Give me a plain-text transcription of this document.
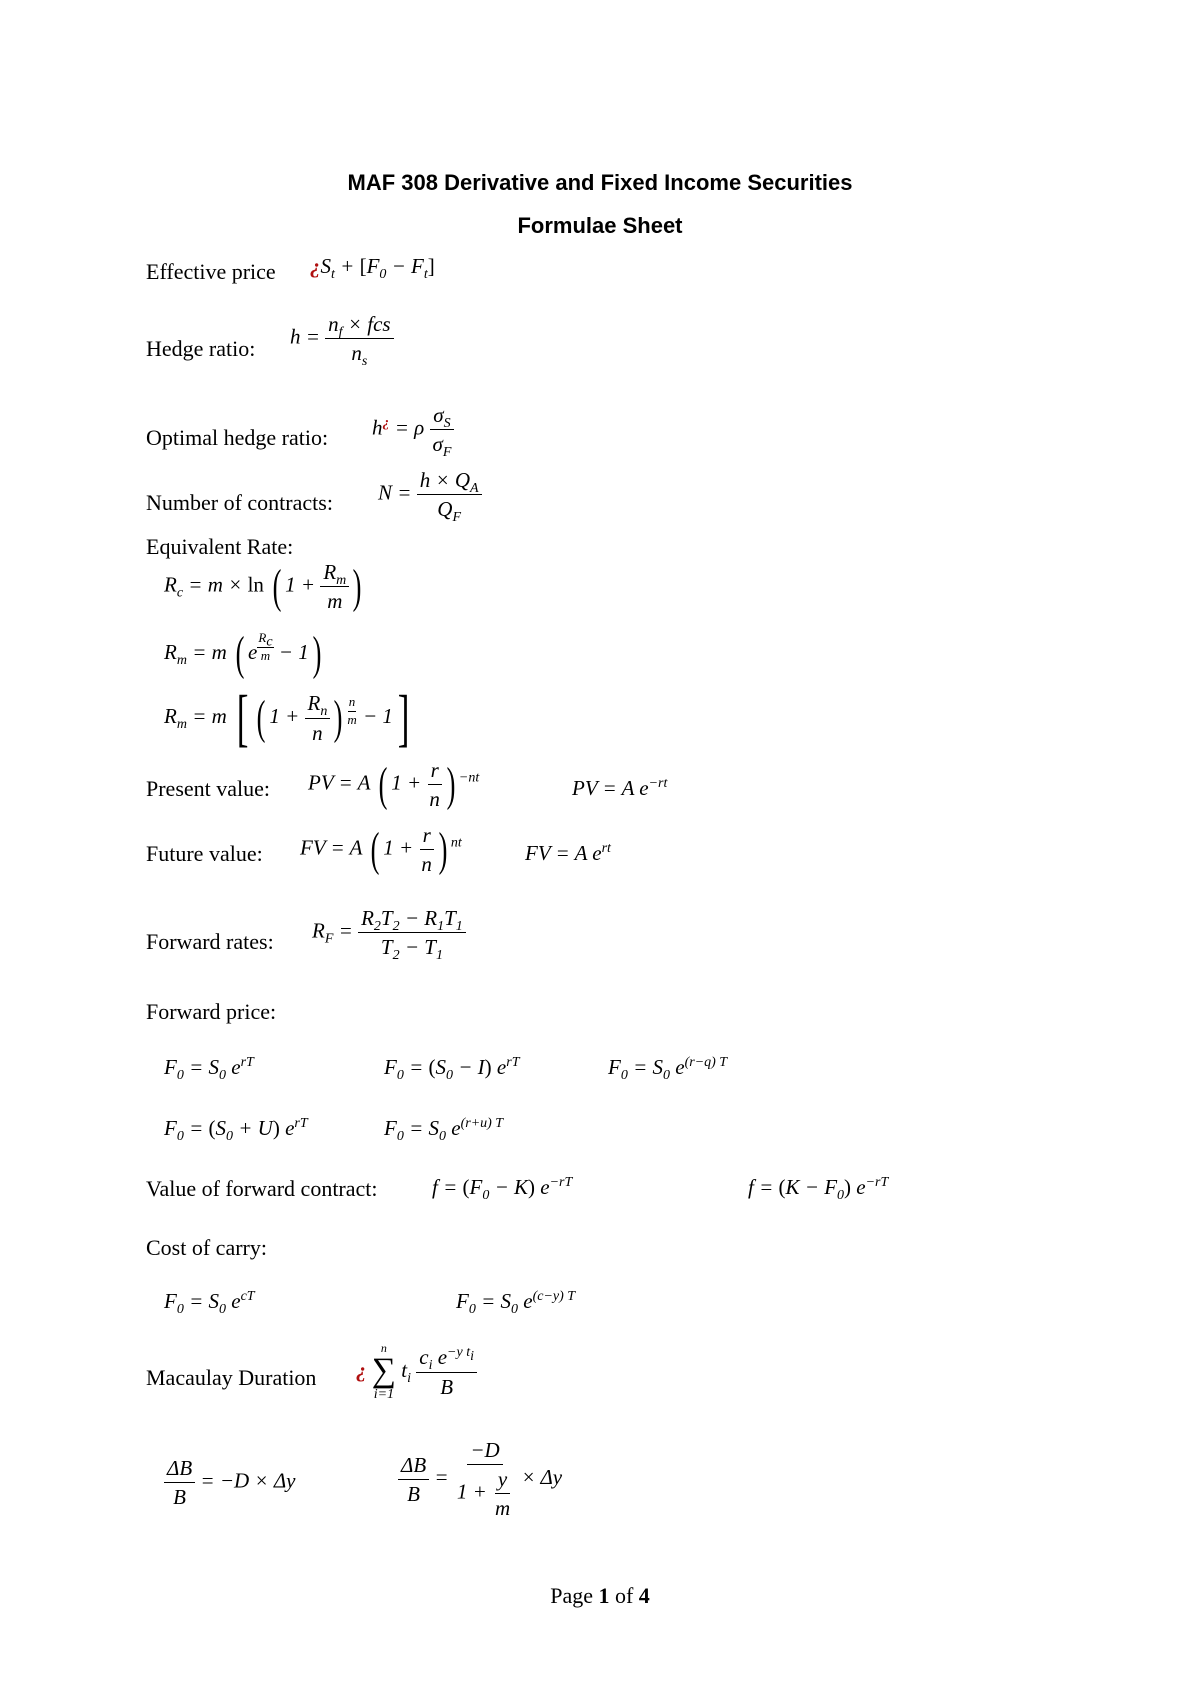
MAF 308 Derivative and Fixed Income Securities
Formulae Sheet
Effective price ¿$S_t + [F_0 - F_t]$
Hedge ratio: $h = \frac{n_f \times fcs}{n_s}$
Optimal hedge ratio: h¿ = ρ $\frac{\sigma_S}{\sigma_F}$
Number of contracts: $N = \frac{h \times Q_A}{Q_F}$
Equivalent Rate:
$R_c = m \times \ln$ ( $1 + \frac{R_m}{m}$ )
$R_m = m$ ( e $^{\frac{R_c}{m}}$ − 1)
$R_m = m$ [ ( $1 + \frac{R_n}{n}$ ) $^{\frac{n}{m}}$ − 1]
Present value: PV = A ( $1 + \frac{r}{n}$ ) $^{-nt}$	PV = A $e^{-rt}$
Future value: FV = A ( $1 + \frac{r}{n}$ ) $^{nt}$	FV = A $e^{rt}$
Forward rates: $R_F = \frac{R_2T_2 - R_1T_1}{T_2 - T_1}$
Forward price:
$F_0 = S_0$ $e^{rT}$	$F_0 = (S_0 - I)$ $e^{rT}$	$F_0 = S_0$ $e^{(r-q) T}$
$F_0 = (S_0 + U)$ $e^{rT}$	$F_0 = S_0$ $e^{(r+u) T}$
Value of forward contract:	$f = (F_0 - K)$ $e^{-rT}$	$f = (K - F_0)$ $e^{-rT}$
Cost of carry:
$F_0 = S_0$ $e^{cT}$	$F_0 = S_0$ $e^{(c-y) T}$
Macaulay Duration ¿
n
∑
i=1
$t_i \frac{c_i e^{-y t_i}}{B}$
$\frac{\Delta B}{B} = -D \times \Delta y$	$\frac{\Delta B}{B} = \frac{-D}{1 + \frac{y}{m}} \times \Delta y$
Page 1 of 4
